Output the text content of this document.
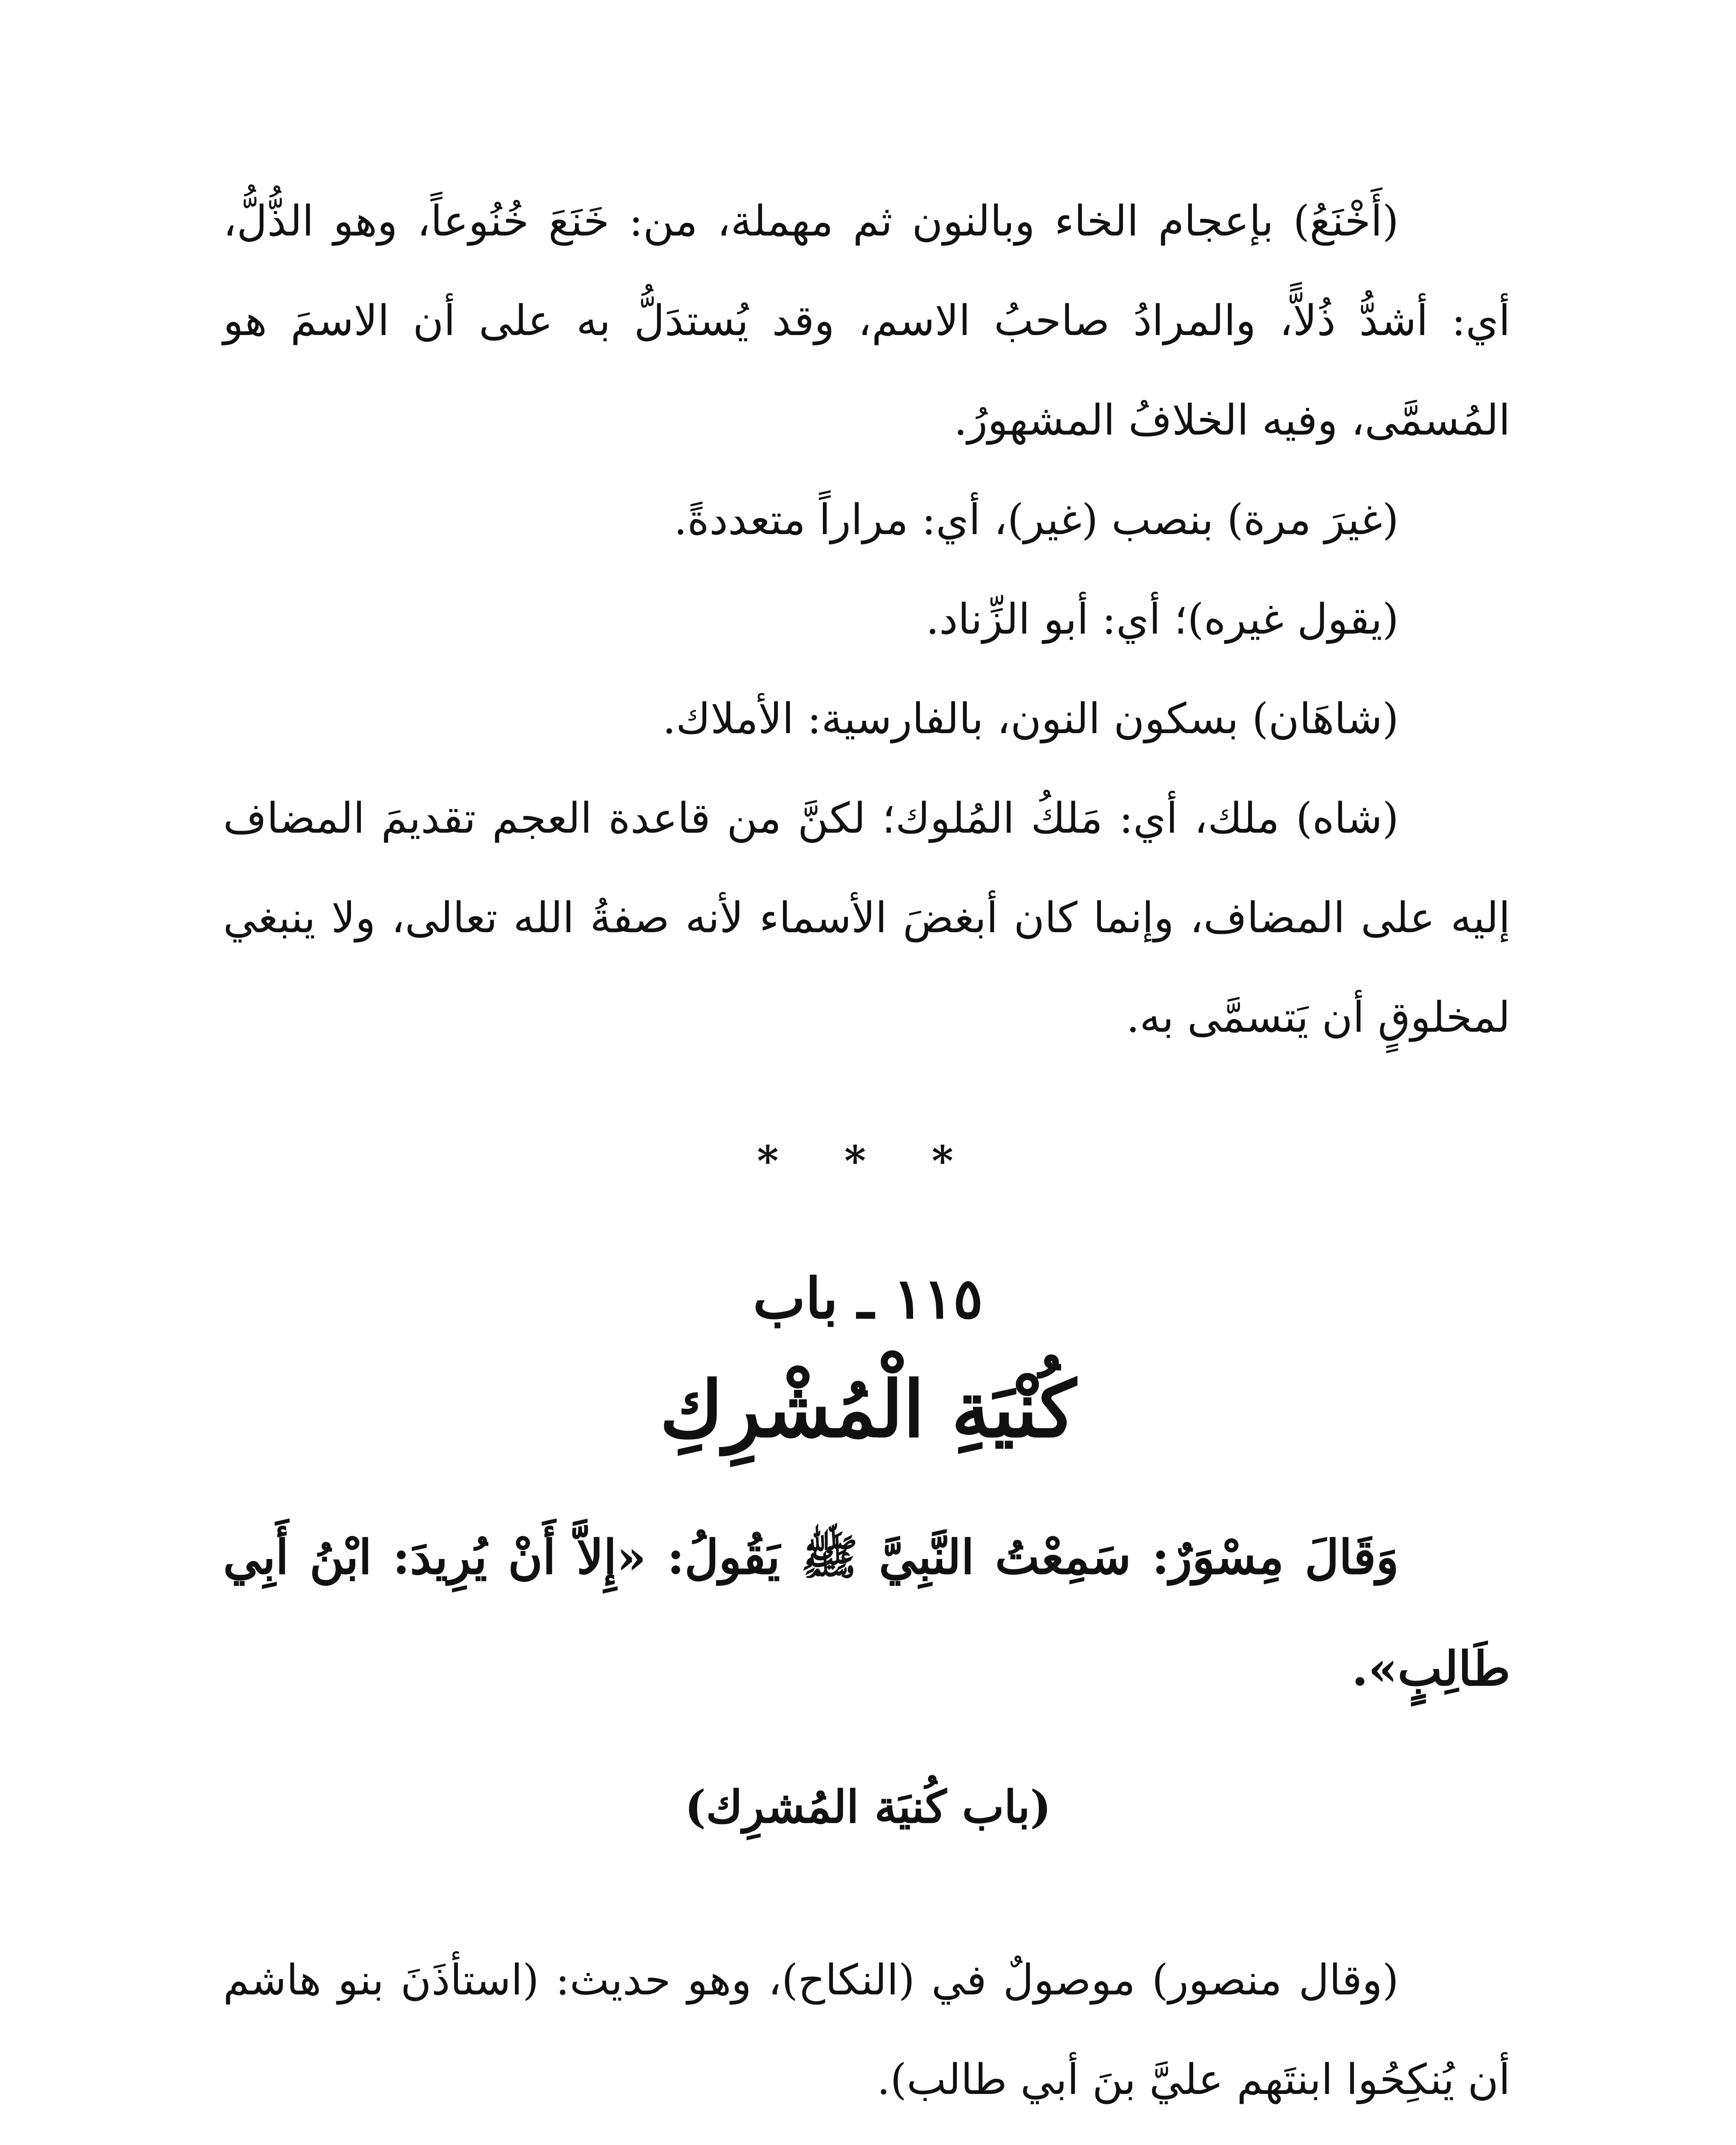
(أَخْنَعُ) بإعجام الخاء وبالنون ثم مهملة، من: خَنَعَ خُنُوعاً، وهو الذُّلُّ، أي: أشدُّ ذُلاًّ، والمرادُ صاحبُ الاسم، وقد يُستدَلُّ به على أن الاسمَ هو المُسمَّى، وفيه الخلافُ المشهورُ.

(غيرَ مرة) بنصب (غير)، أي: مراراً متعددةً.

(يقول غيره)؛ أي: أبو الزِّناد.

(شاهَان) بسكون النون، بالفارسية: الأملاك.

(شاه) ملك، أي: مَلكُ المُلوك؛ لكنَّ من قاعدة العجم تقديمَ المضاف إليه على المضاف، وإنما كان أبغضَ الأسماء لأنه صفةُ الله تعالى، ولا ينبغي لمخلوقٍ أن يَتسمَّى به.

* * *
١١٥ ـ باب
كُنْيَةِ الْمُشْرِكِ

وَقَالَ مِسْوَرٌ: سَمِعْتُ النَّبِيَّ ﷺ يَقُولُ: «إِلاَّ أَنْ يُرِيدَ: ابْنُ أَبِي طَالِبٍ».

(باب كُنيَة المُشرِك)

(وقال منصور) موصولٌ في (النكاح)، وهو حديث: (استأذَنَ بنو هاشم أن يُنكِحُوا ابنتَهم عليَّ بنَ أبي طالب).
